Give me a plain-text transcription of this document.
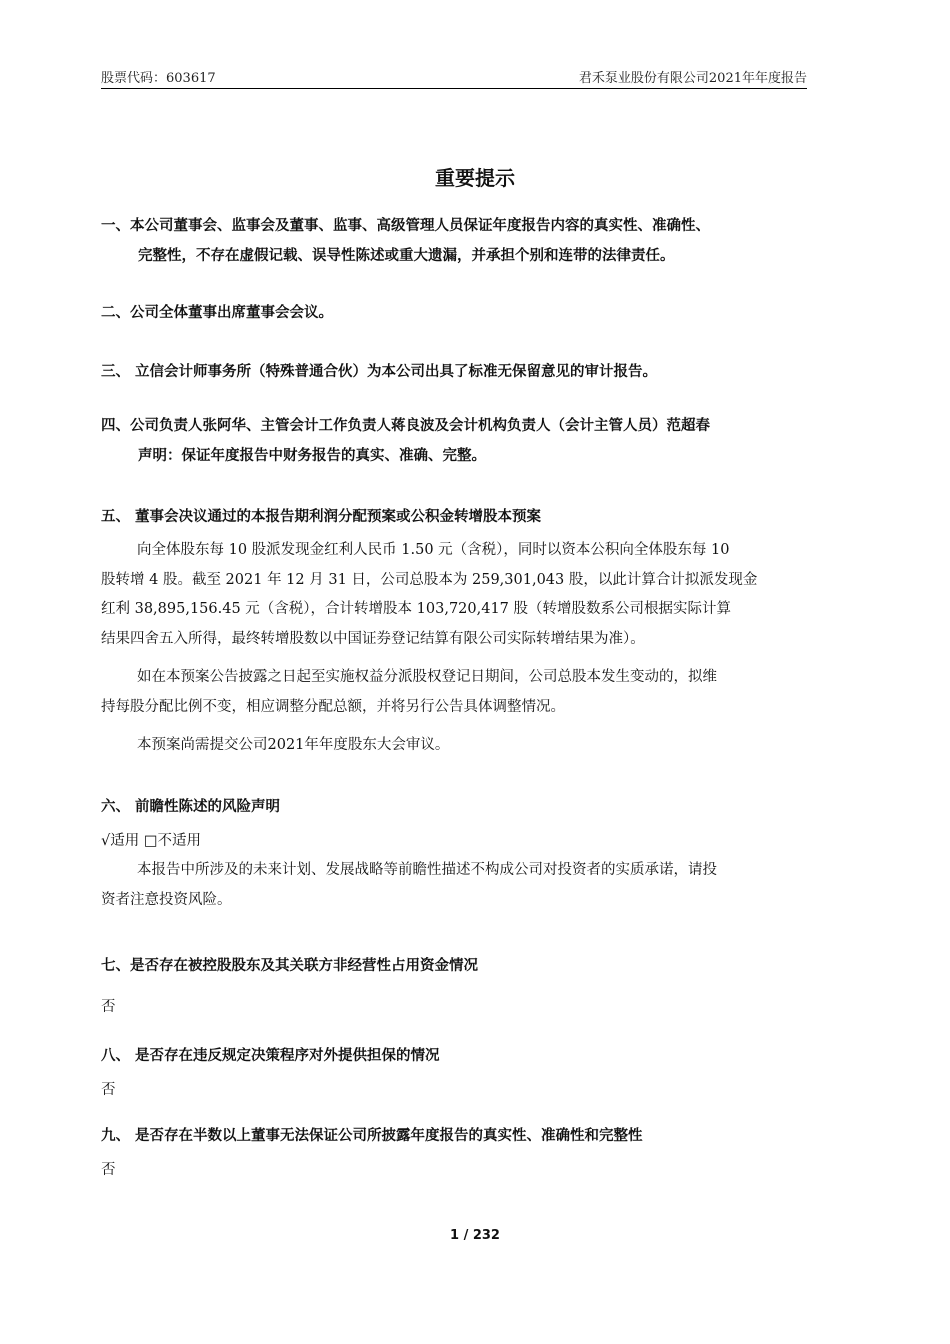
股票代码：603617	君禾泵业股份有限公司2021年年度报告
重要提示
一、本公司董事会、监事会及董事、监事、高级管理人员保证年度报告内容的真实性、准确性、
完整性，不存在虚假记载、误导性陈述或重大遗漏，并承担个别和连带的法律责任。
二、公司全体董事出席董事会会议。
三、 立信会计师事务所（特殊普通合伙）为本公司出具了标准无保留意见的审计报告。
四、公司负责人张阿华、主管会计工作负责人蒋良波及会计机构负责人（会计主管人员）范超春
声明：保证年度报告中财务报告的真实、准确、完整。
五、 董事会决议通过的本报告期利润分配预案或公积金转增股本预案
向全体股东每 10 股派发现金红利人民币 1.50 元（含税），同时以资本公积向全体股东每 10
股转增 4 股。截至 2021 年 12 月 31 日，公司总股本为 259,301,043 股，以此计算合计拟派发现金
红利 38,895,156.45 元（含税），合计转增股本 103,720,417 股（转增股数系公司根据实际计算
结果四舍五入所得，最终转增股数以中国证券登记结算有限公司实际转增结果为准）。
如在本预案公告披露之日起至实施权益分派股权登记日期间，公司总股本发生变动的，拟维
持每股分配比例不变，相应调整分配总额，并将另行公告具体调整情况。
本预案尚需提交公司2021年年度股东大会审议。
六、 前瞻性陈述的风险声明
√适用 □不适用
本报告中所涉及的未来计划、发展战略等前瞻性描述不构成公司对投资者的实质承诺，请投
资者注意投资风险。
七、是否存在被控股股东及其关联方非经营性占用资金情况
否
八、 是否存在违反规定决策程序对外提供担保的情况
否
九、 是否存在半数以上董事无法保证公司所披露年度报告的真实性、准确性和完整性
否
1 / 232
